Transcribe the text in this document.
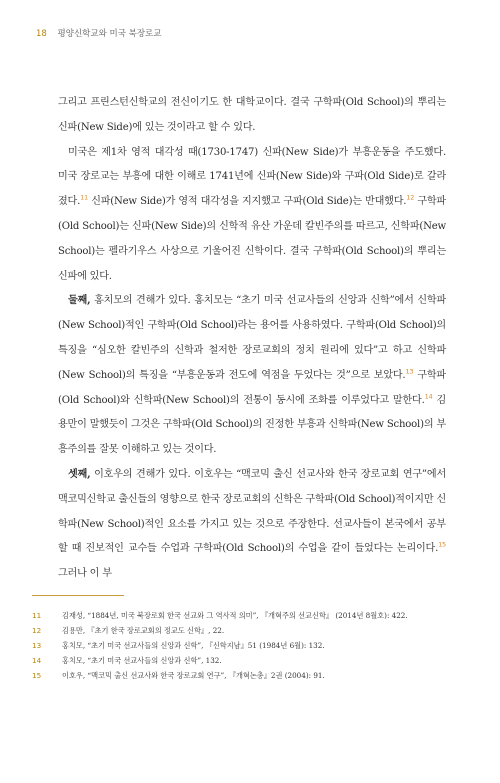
18 평양신학교와 미국 북장로교

그리고 프린스턴신학교의 전신이기도 한 대학교이다. 결국 구학파(Old School)의 뿌리는 신파(New Side)에 있는 것이라고 할 수 있다.

미국은 제1차 영적 대각성 때(1730-1747) 신파(New Side)가 부흥운동을 주도했다. 미국 장로교는 부흥에 대한 이해로 1741년에 신파(New Side)와 구파(Old Side)로 갈라졌다.$^{11}$ 신파(New Side)가 영적 대각성을 지지했고 구파(Old Side)는 반대했다.$^{12}$ 구학파(Old School)는 신파(New Side)의 신학적 유산 가운데 칼빈주의를 따르고, 신학파(New School)는 펠라기우스 사상으로 기울어진 신학이다. 결국 구학파(Old School)의 뿌리는 신파에 있다.

둘째, 홍치모의 견해가 있다. 홍치모는 “초기 미국 선교사들의 신앙과 신학”에서 신학파(New School)적인 구학파(Old School)라는 용어를 사용하였다. 구학파(Old School)의 특징을 “심오한 칼빈주의 신학과 철저한 장로교회의 정치 원리에 있다”고 하고 신학파(New School)의 특징을 “부흥운동과 전도에 역점을 두었다는 것”으로 보았다.$^{13}$ 구학파(Old School)와 신학파(New School)의 전통이 동시에 조화를 이루었다고 말한다.$^{14}$ 김용만이 말했듯이 그것은 구학파(Old School)의 진정한 부흥과 신학파(New School)의 부흥주의를 잘못 이해하고 있는 것이다.

셋째, 이호우의 견해가 있다. 이호우는 “맥코믹 출신 선교사와 한국 장로교회 연구”에서 맥코믹신학교 출신들의 영향으로 한국 장로교회의 신학은 구학파(Old School)적이지만 신학파(New School)적인 요소를 가지고 있는 것으로 주장한다. 선교사들이 본국에서 공부할 때 진보적인 교수들 수업과 구학파(Old School)의 수업을 같이 들었다는 논리이다.$^{15}$ 그러나 이 부

11	김재성, “1884년, 미국 북장로회 한국 선교와 그 역사적 의미”, 『개혁주의 선교신학』 (2014년 8월호): 422.
12	김용만, 『초기 한국 장로교회의 정교도 신학』, 22.
13	홍치모, “초기 미국 선교사들의 신앙과 신학”, 『신학지남』51 (1984년 6월): 132.
14	홍치모, “초기 미국 선교사들의 신앙과 신학”, 132.
15	이호우, “맥코믹 출신 선교사와 한국 장로교회 연구”, 『개혁논총』2권 (2004): 91.
